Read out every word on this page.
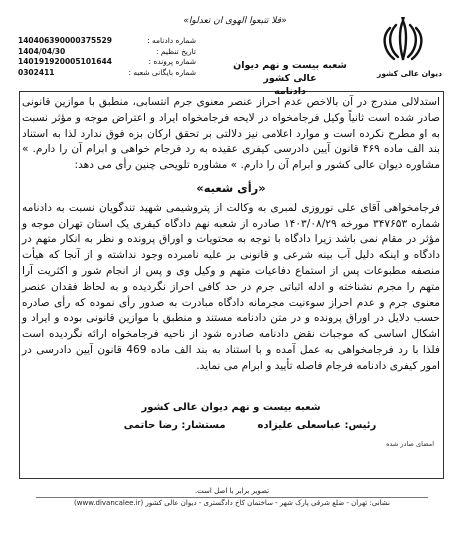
دیوان عالی کشور
«فلا تتبعوا الهوی ان تعدلوا»
شعبه بیست و نهم دیوان عالی کشور
دادنامه
شماره دادنامه :
140406390000375529
تاریخ تنظیم :
1404/04/30
شماره پرونده :
140191920005101644
شماره بایگانی شعبه :
0302411

استدلالی مندرج در آن بالاخص عدم احراز عنصر معنوی جرم انتسابی، منطبق با موازین قانونی صادر شده است ثانیاً وکیل فرجامخواه در لایحه فرجامخواه ایراد و اعتراض موجه و مؤثر نسبت به او مطرح نکرده است و موارد اعلامی نیز دلالتی بر تحقق ارکان بزه فوق ندارد لذا به استناد بند الف ماده ۴۶۹ قانون آیین دادرسی کیفری عقیده به رد فرجام خواهی و ابرام آن را دارم. » مشاوره دیوان عالی کشور و ابرام آن را دارم. » مشاوره تلویحی چنین رأی می دهد:

«رأی شعبه»

فرجامخواهی آقای علی نوروزی لمبری به وکالت از پتروشیمی شهید تندگویان نسبت به دادنامه شماره ۳۴۷۶۵۳ مورخه ۱۴۰۳/۰۸/۲۹ صادره از شعبه نهم دادگاه کیفری یک استان تهران موجه و مؤثر در مقام نمی باشد زیرا دادگاه با توجه به محتویات و اوراق پرونده و نظر به انکار متهم در دادگاه و اینکه دلیل آب بینه شرعی و قانونی بر علیه نامبرده وجود نداشته و از آنجا که هیأت منصفه مطبوعات پس از استماع دفاعیات متهم و وکیل وی و پس از انجام شور و اکثریت آرا متهم را مجرم نشناخته و ادله اثباتی جرم در حد کافی احراز نگردیده و به لحاظ فقدان عنصر معنوی جرم و عدم احراز سوءنیت مجرمانه دادگاه مبادرت به صدور رأی نموده که رأی صادره حسب دلایل در اوراق پرونده و در متن دادنامه مستند و منطبق با موازین قانونی بوده و ایراد و اشکال اساسی که موجبات نقض دادنامه صادره شود از ناحیه فرجامخواه ارائه نگردیده است فلذا با رد فرجامخواهی به عمل آمده و با استناد به بند الف ماده 469 قانون آیین دادرسی در امور کیفری دادنامه فرجام فاصله تأیید و ابرام می نماید.

شعبه بیست و نهم دیوان عالی کشور
رئیس: عباسعلی علیزاده
مستشار: رضا حاتمی
امضای صادر شده
تصویر برابر با اصل است.
نشانی: تهران - ضلع شرقی پارک شهر - ساختمان کاخ دادگستری - دیوان عالی کشور (www.divancalee.ir)
